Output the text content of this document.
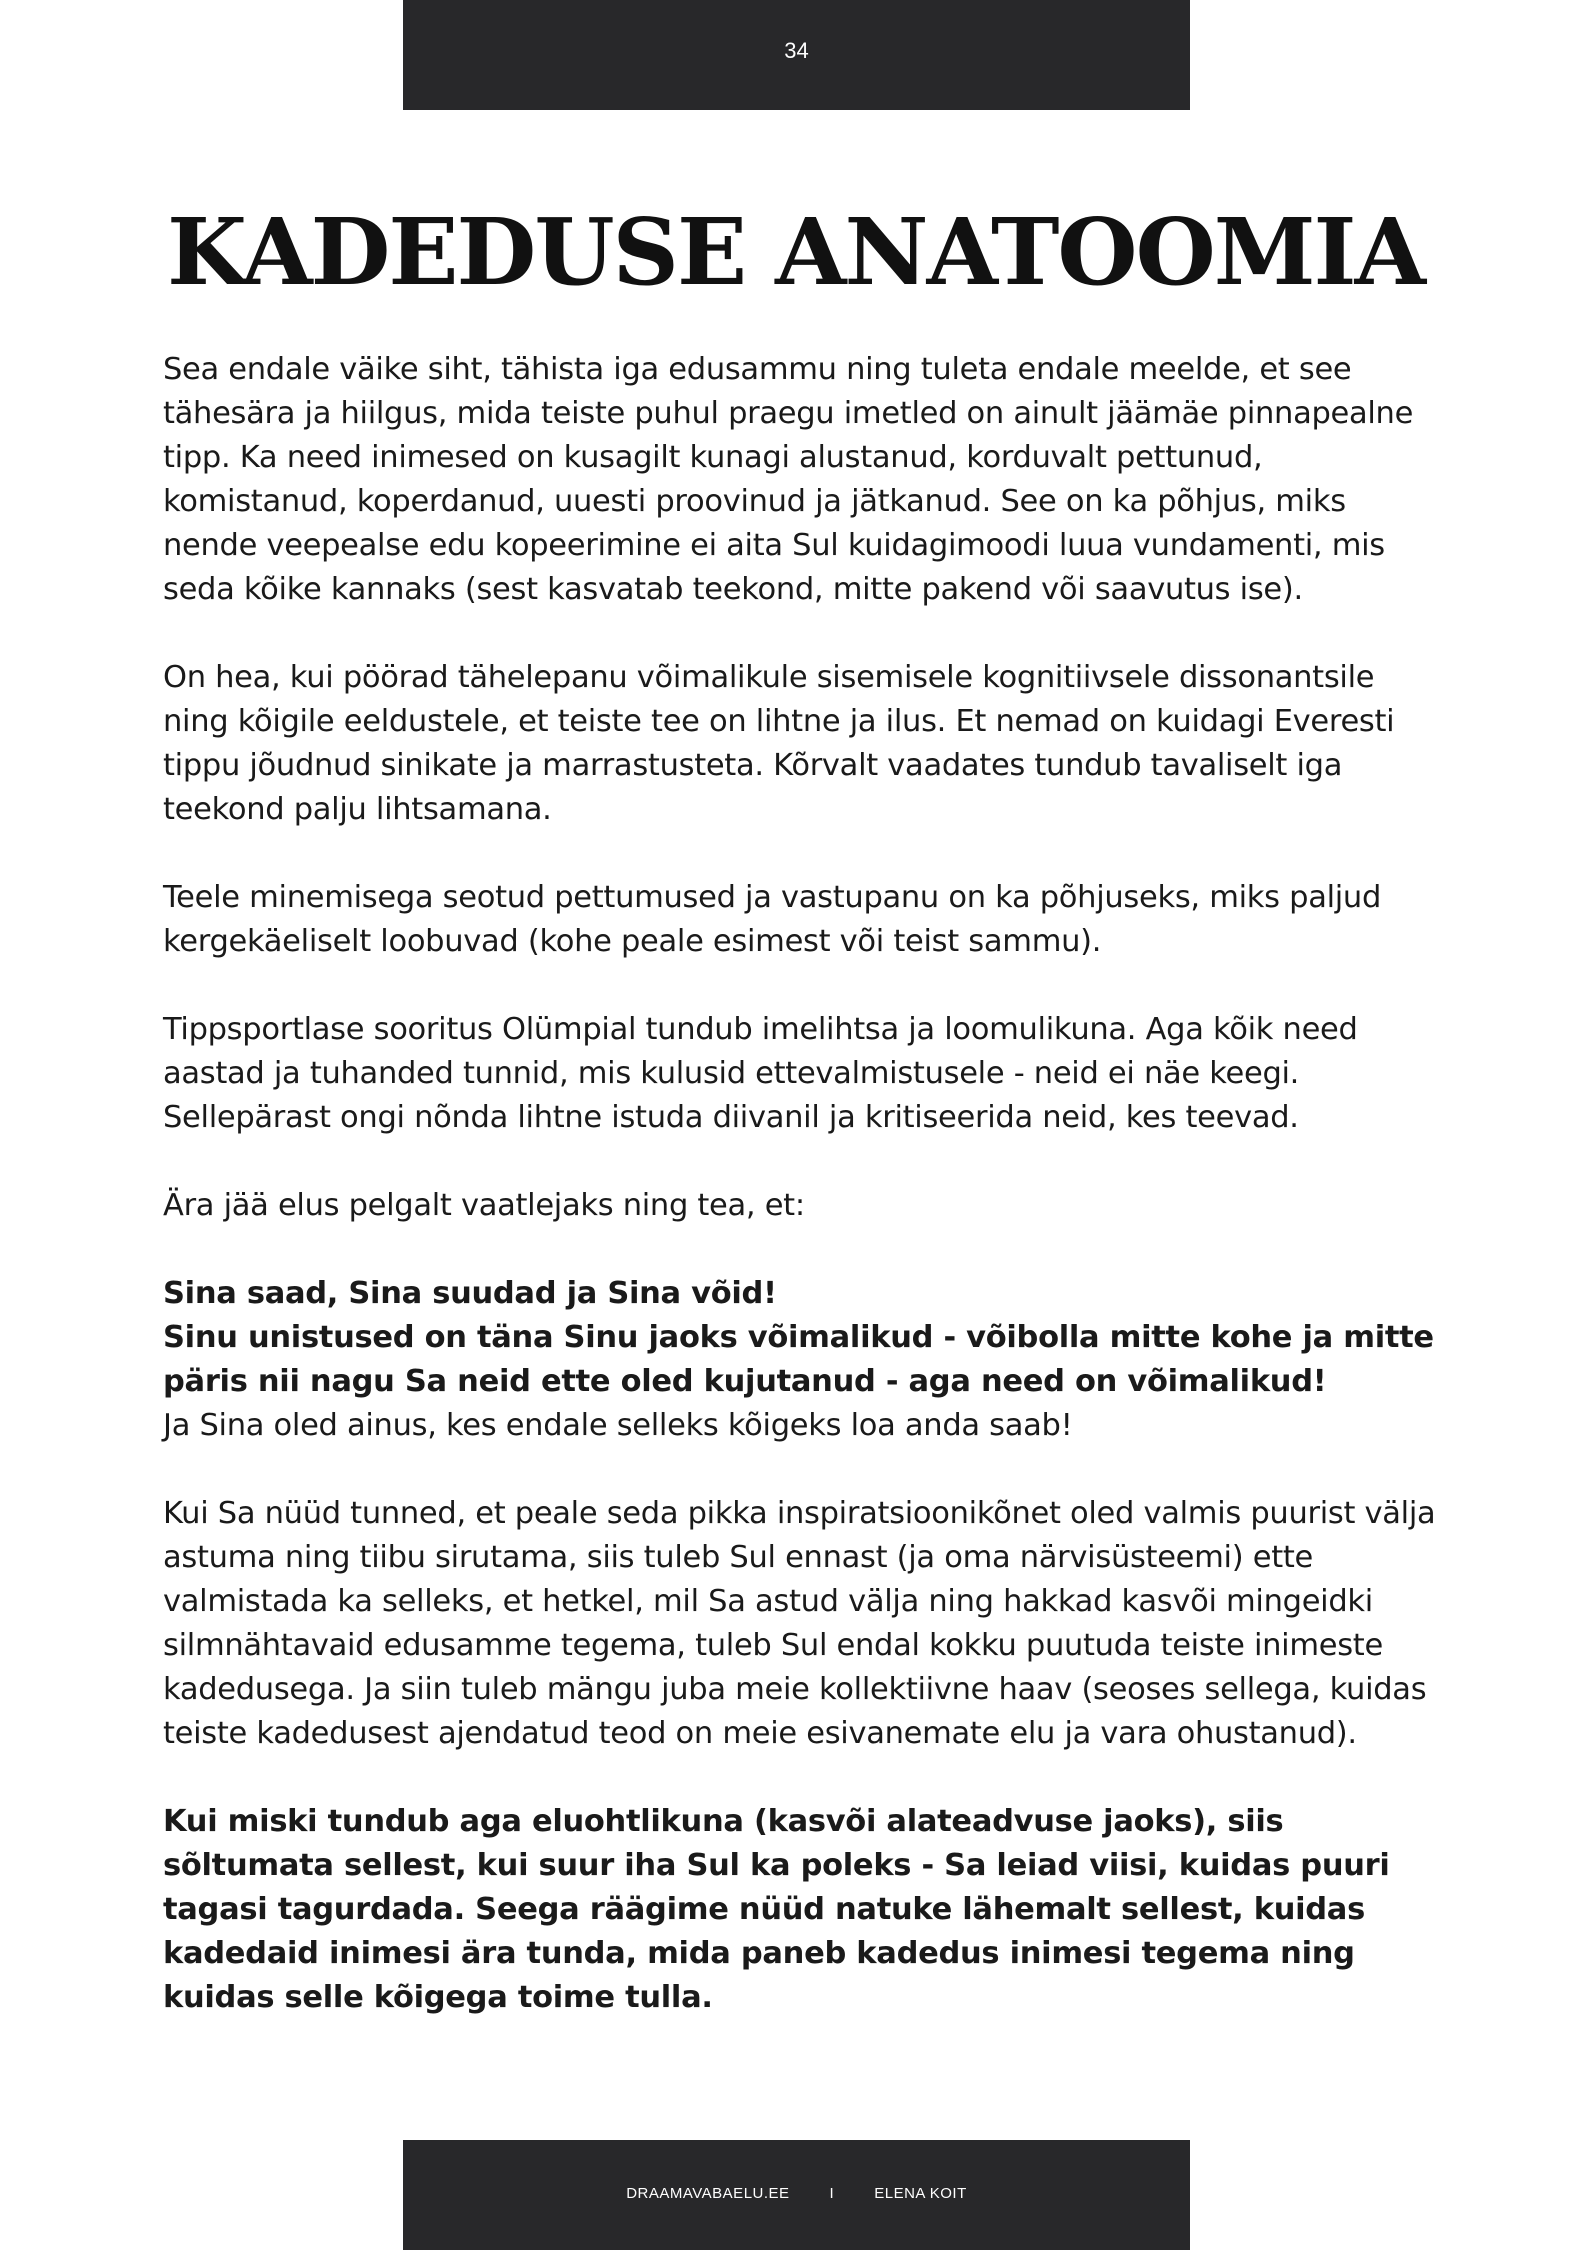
34
KADEDUSE ANATOOMIA

Sea endale väike siht, tähista iga edusammu ning tuleta endale meelde, et see tähesära ja hiilgus, mida teiste puhul praegu imetled on ainult jäämäe pinnapealne tipp. Ka need inimesed on kusagilt kunagi alustanud, korduvalt pettunud, komistanud, koperdanud, uuesti proovinud ja jätkanud. See on ka põhjus, miks nende veepealse edu kopeerimine ei aita Sul kuidagimoodi luua vundamenti, mis seda kõike kannaks (sest kasvatab teekond, mitte pakend või saavutus ise).

On hea, kui pöörad tähelepanu võimalikule sisemisele kognitiivsele dissonantsile ning kõigile eeldustele, et teiste tee on lihtne ja ilus. Et nemad on kuidagi Everesti tippu jõudnud sinikate ja marrastusteta. Kõrvalt vaadates tundub tavaliselt iga teekond palju lihtsamana.

Teele minemisega seotud pettumused ja vastupanu on ka põhjuseks, miks paljud kergekäeliselt loobuvad (kohe peale esimest või teist sammu).

Tippsportlase sooritus Olümpial tundub imelihtsa ja loomulikuna. Aga kõik need aastad ja tuhanded tunnid, mis kulusid ettevalmistusele - neid ei näe keegi. Sellepärast ongi nõnda lihtne istuda diivanil ja kritiseerida neid, kes teevad.

Ära jää elus pelgalt vaatlejaks ning tea, et:

Sina saad, Sina suudad ja Sina võid!
Sinu unistused on täna Sinu jaoks võimalikud - võibolla mitte kohe ja mitte päris nii nagu Sa neid ette oled kujutanud - aga need on võimalikud!

Ja Sina oled ainus, kes endale selleks kõigeks loa anda saab!

Kui Sa nüüd tunned, et peale seda pikka inspiratsioonikõnet oled valmis puurist välja astuma ning tiibu sirutama, siis tuleb Sul ennast (ja oma närvisüsteemi) ette valmistada ka selleks, et hetkel, mil Sa astud välja ning hakkad kasvõi mingeidki silmnähtavaid edusamme tegema, tuleb Sul endal kokku puutuda teiste inimeste kadedusega. Ja siin tuleb mängu juba meie kollektiivne haav (seoses sellega, kuidas teiste kadedusest ajendatud teod on meie esivanemate elu ja vara ohustanud).

Kui miski tundub aga eluohtlikuna (kasvõi alateadvuse jaoks), siis sõltumata sellest, kui suur iha Sul ka poleks - Sa leiad viisi, kuidas puuri tagasi tagurdada. Seega räägime nüüd natuke lähemalt sellest, kuidas kadedaid inimesi ära tunda, mida paneb kadedus inimesi tegema ning kuidas selle kõigega toime tulla.

DRAAMAVABAELU.EE	I	ELENA KOIT
